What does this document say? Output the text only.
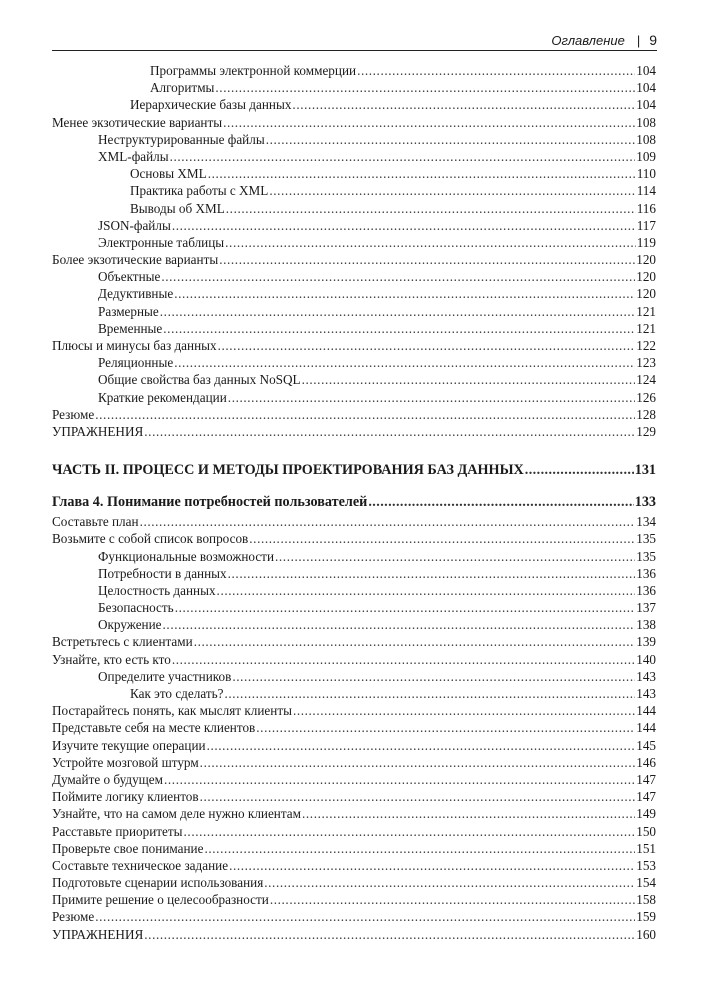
Оглавление | 9
Программы электронной коммерции .....	104
Алгоритмы .....	104
Иерархические базы данных .....	104
Менее экзотические варианты .....	108
Неструктурированные файлы .....	108
XML-файлы .....	109
Основы XML .....	110
Практика работы с XML .....	114
Выводы об XML .....	116
JSON-файлы .....	117
Электронные таблицы .....	119
Более экзотические варианты .....	120
Объектные .....	120
Дедуктивные .....	120
Размерные .....	121
Временные .....	121
Плюсы и минусы баз данных .....	122
Реляционные .....	123
Общие свойства баз данных NoSQL .....	124
Краткие рекомендации .....	126
Резюме .....	128
УПРАЖНЕНИЯ .....	129
ЧАСТЬ II. ПРОЦЕСС И МЕТОДЫ ПРОЕКТИРОВАНИЯ БАЗ ДАННЫХ .....	131
Глава 4. Понимание потребностей пользователей .....	133
Составьте план .....	134
Возьмите с собой список вопросов .....	135
Функциональные возможности .....	135
Потребности в данных .....	136
Целостность данных .....	136
Безопасность .....	137
Окружение .....	138
Встретьтесь с клиентами .....	139
Узнайте, кто есть кто .....	140
Определите участников .....	143
Как это сделать? .....	143
Постарайтесь понять, как мыслят клиенты .....	144
Представьте себя на месте клиентов .....	144
Изучите текущие операции .....	145
Устройте мозговой штурм .....	146
Думайте о будущем .....	147
Поймите логику клиентов .....	147
Узнайте, что на самом деле нужно клиентам .....	149
Расставьте приоритеты .....	150
Проверьте свое понимание .....	151
Составьте техническое задание .....	153
Подготовьте сценарии использования .....	154
Примите решение о целесообразности .....	158
Резюме .....	159
УПРАЖНЕНИЯ .....	160
